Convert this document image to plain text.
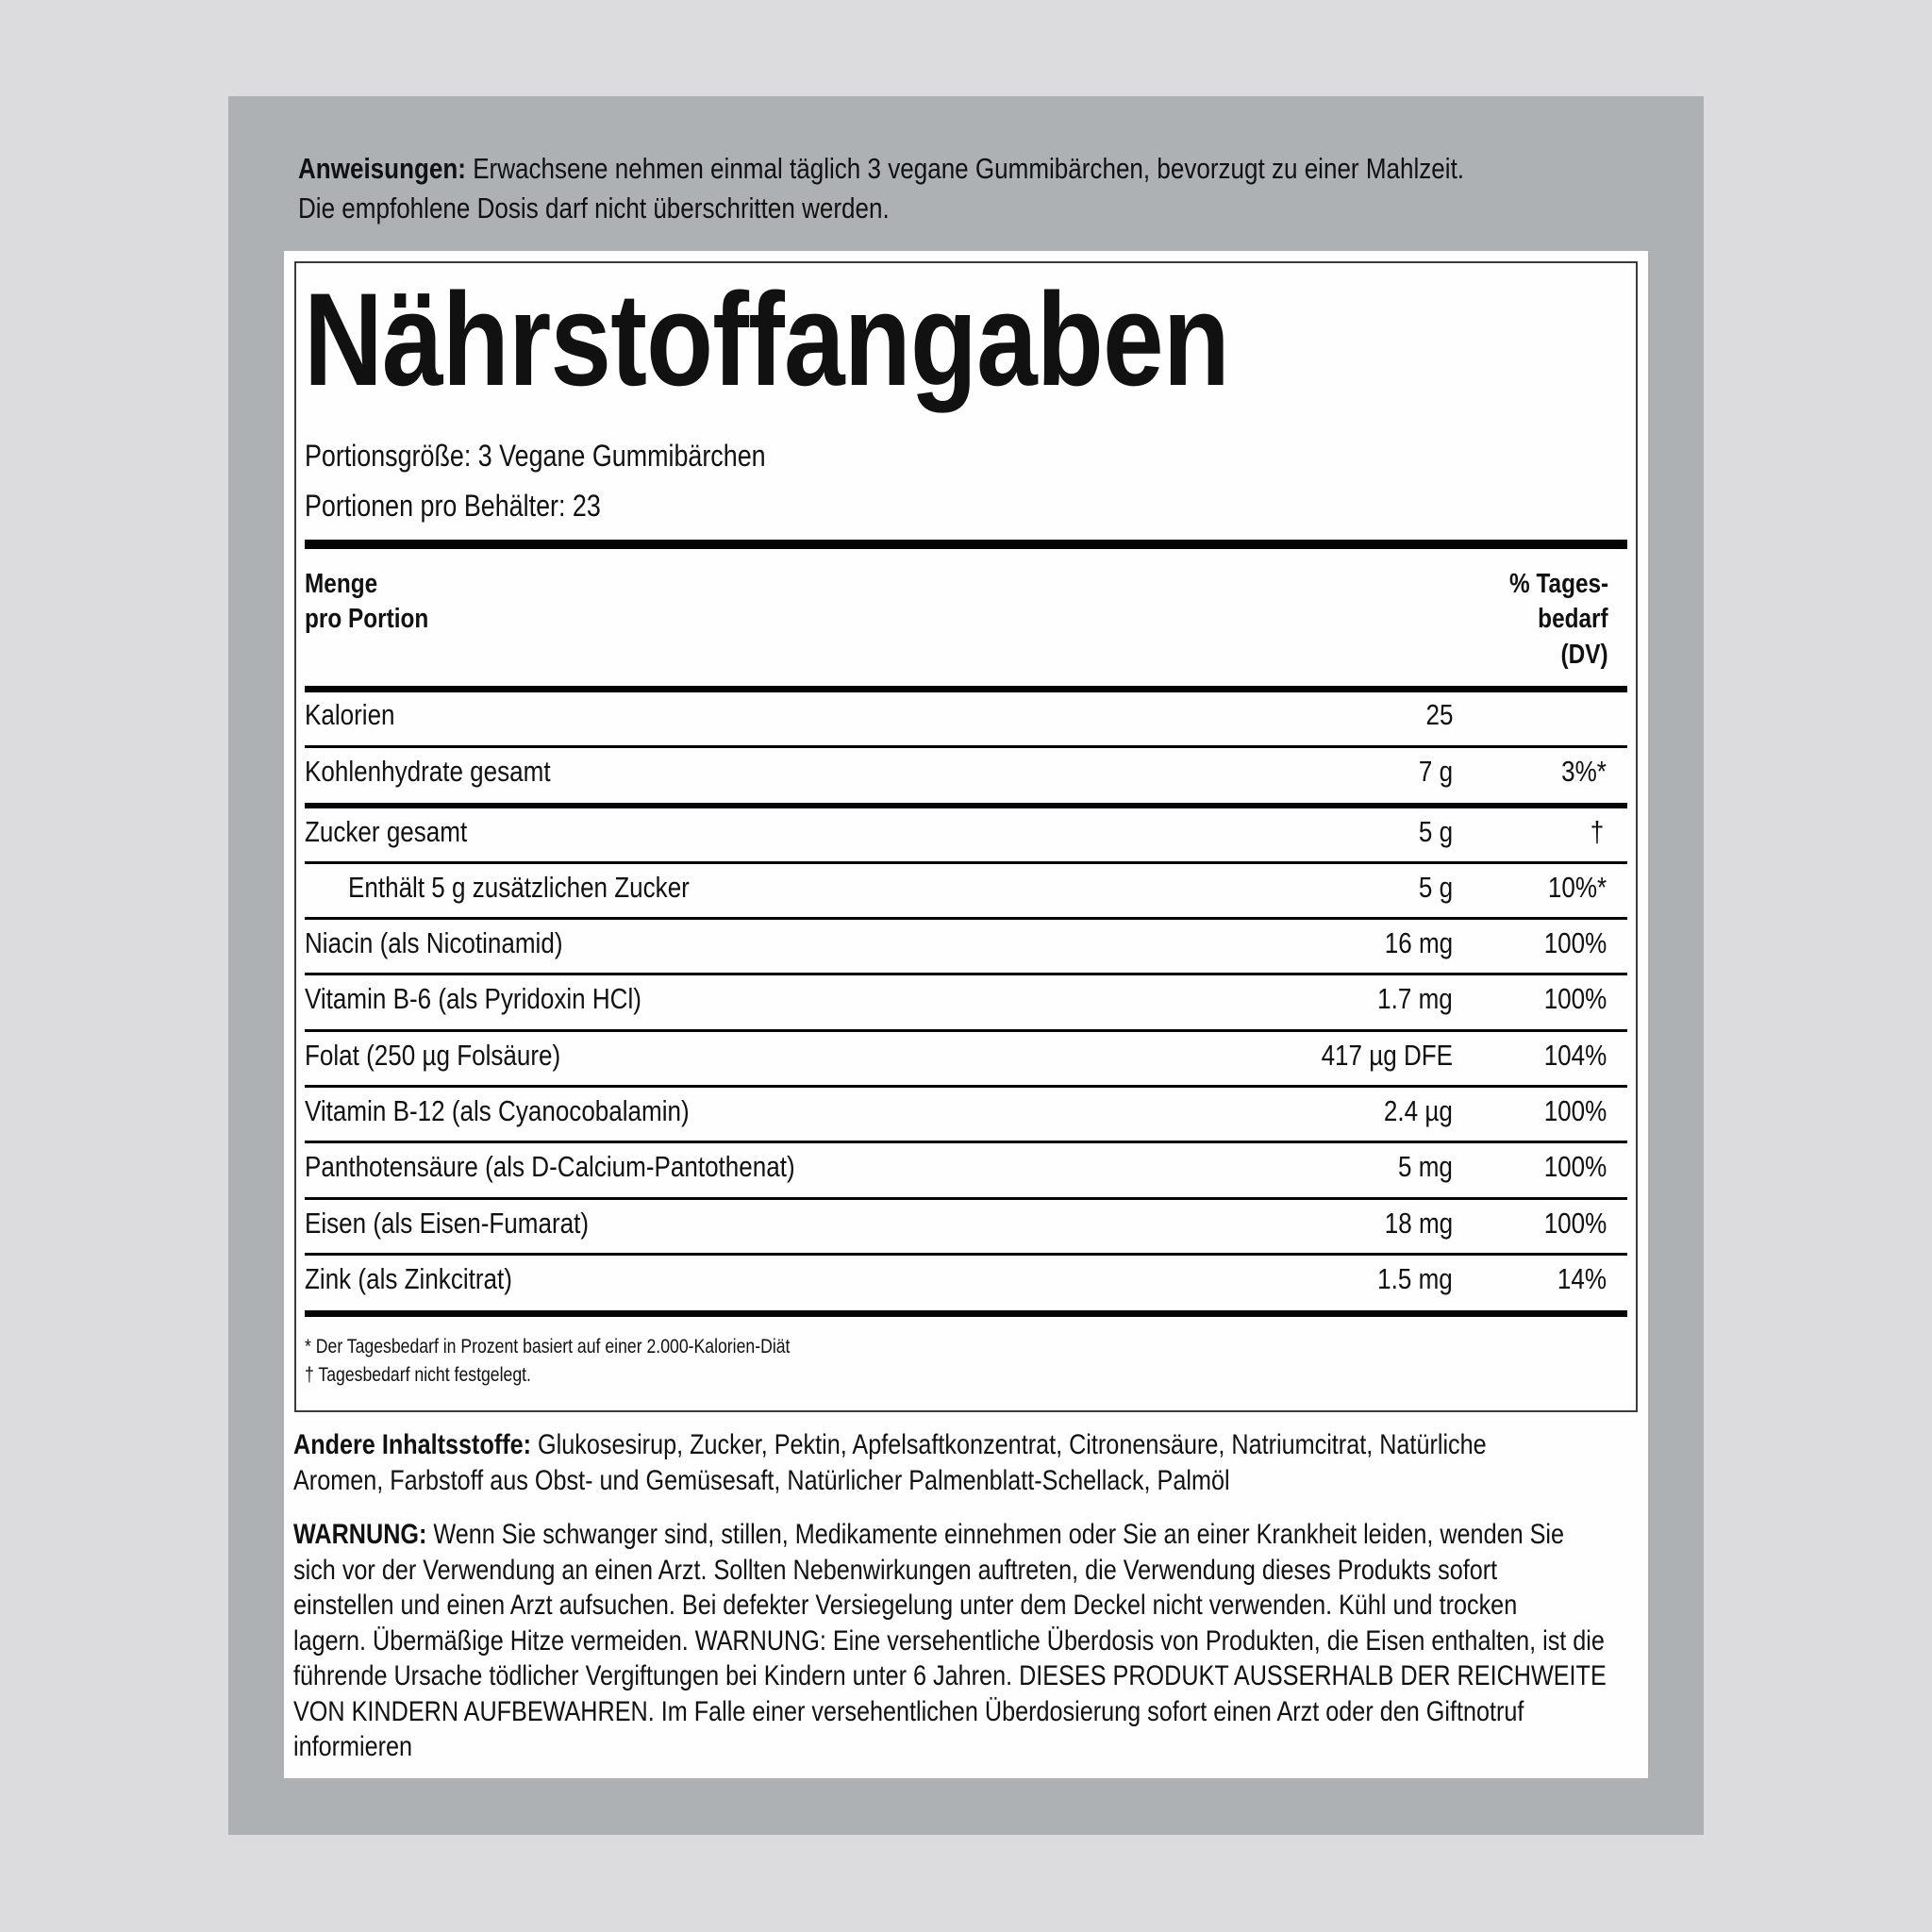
Anweisungen: Erwachsene nehmen einmal täglich 3 vegane Gummibärchen, bevorzugt zu einer Mahlzeit.
Die empfohlene Dosis darf nicht überschritten werden.
Nährstoffangaben
Portionsgröße: 3 Vegane Gummibärchen
Portionen pro Behälter: 23
Menge
pro Portion
% Tages-
bedarf
(DV)
Kalorien	25
Kohlenhydrate gesamt	7 g	3%*
Zucker gesamt	5 g	†
Enthält 5 g zusätzlichen Zucker	5 g	10%*
Niacin (als Nicotinamid)	16 mg	100%
Vitamin B-6 (als Pyridoxin HCl)	1.7 mg	100%
Folat (250 µg Folsäure)	417 µg DFE	104%
Vitamin B-12 (als Cyanocobalamin)	2.4 µg	100%
Panthotensäure (als D-Calcium-Pantothenat)	5 mg	100%
Eisen (als Eisen-Fumarat)	18 mg	100%
Zink (als Zinkcitrat)	1.5 mg	14%
* Der Tagesbedarf in Prozent basiert auf einer 2.000-Kalorien-Diät
† Tagesbedarf nicht festgelegt.
Andere Inhaltsstoffe: Glukosesirup, Zucker, Pektin, Apfelsaftkonzentrat, Citronensäure, Natriumcitrat, Natürliche
Aromen, Farbstoff aus Obst- und Gemüsesaft, Natürlicher Palmenblatt-Schellack, Palmöl
WARNUNG: Wenn Sie schwanger sind, stillen, Medikamente einnehmen oder Sie an einer Krankheit leiden, wenden Sie
sich vor der Verwendung an einen Arzt. Sollten Nebenwirkungen auftreten, die Verwendung dieses Produkts sofort
einstellen und einen Arzt aufsuchen. Bei defekter Versiegelung unter dem Deckel nicht verwenden. Kühl und trocken
lagern. Übermäßige Hitze vermeiden. WARNUNG: Eine versehentliche Überdosis von Produkten, die Eisen enthalten, ist die
führende Ursache tödlicher Vergiftungen bei Kindern unter 6 Jahren. DIESES PRODUKT AUSSERHALB DER REICHWEITE
VON KINDERN AUFBEWAHREN. Im Falle einer versehentlichen Überdosierung sofort einen Arzt oder den Giftnotruf
informieren
